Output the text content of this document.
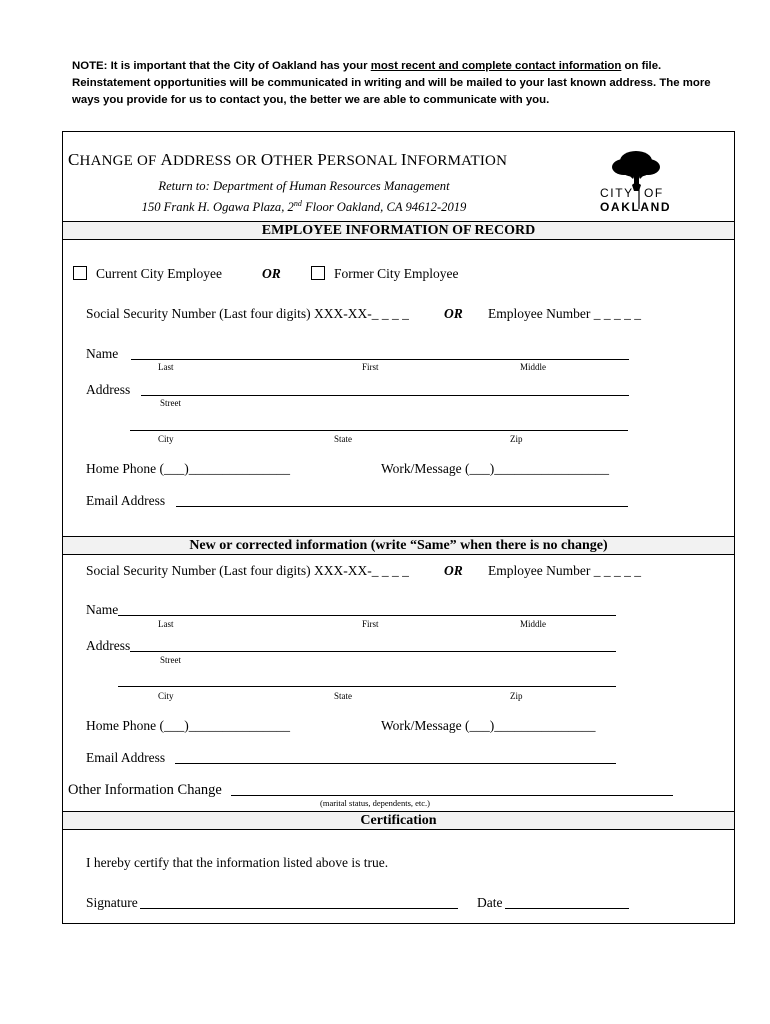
NOTE: It is important that the City of Oakland has your most recent and complete contact information on file. Reinstatement opportunities will be communicated in writing and will be mailed to your last known address. The more ways you provide for us to contact you, the better we are able to communicate with you.
CHANGE OF ADDRESS OR OTHER PERSONAL INFORMATION
Return to: Department of Human Resources Management
150 Frank H. Ogawa Plaza, 2nd Floor Oakland, CA 94612-2019
CITY OF
OAKLAND
EMPLOYEE INFORMATION OF RECORD
Current City Employee	OR	Former City Employee
Social Security Number (Last four digits) XXX-XX-_ _ _ _	OR Employee Number _ _ _ _ _
Name
Last	First	Middle
Address
Street
City	State	Zip
Home Phone (___)_______________	Work/Message (___)_________________
Email Address
New or corrected information (write “Same” when there is no change)
Social Security Number (Last four digits) XXX-XX-_ _ _ _	OR Employee Number _ _ _ _ _
Name
Last	First	Middle
Address
Street
City	State	Zip
Home Phone (___)_______________	Work/Message (___)_______________
Email Address
Other Information Change
(marital status, dependents, etc.)
Certification
I hereby certify that the information listed above is true.
Signature	Date
